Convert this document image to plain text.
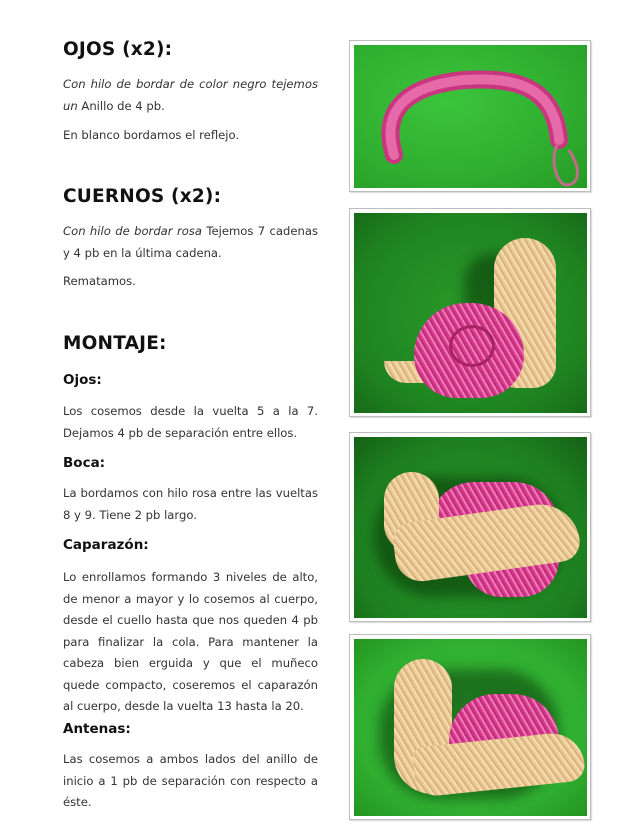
OJOS (x2):
Con hilo de bordar de color negro tejemos un Anillo de 4 pb.
En blanco bordamos el reflejo.
CUERNOS (x2):
Con hilo de bordar rosa Tejemos 7 cadenas y 4 pb en la última cadena.
Rematamos.
MONTAJE:
Ojos:
Los cosemos desde la vuelta 5 a la 7. Dejamos 4 pb de separación entre ellos.
Boca:
La bordamos con hilo rosa entre las vueltas 8 y 9. Tiene 2 pb largo.
Caparazón:
Lo enrollamos formando 3 niveles de alto, de menor a mayor y lo cosemos al cuerpo, desde el cuello hasta que nos queden 4 pb para finalizar la cola. Para mantener la cabeza bien erguida y que el muñeco quede compacto, coseremos el caparazón al cuerpo, desde la vuelta 13 hasta la 20.
Antenas:
Las cosemos a ambos lados del anillo de inicio a 1 pb de separación con respecto a éste.
